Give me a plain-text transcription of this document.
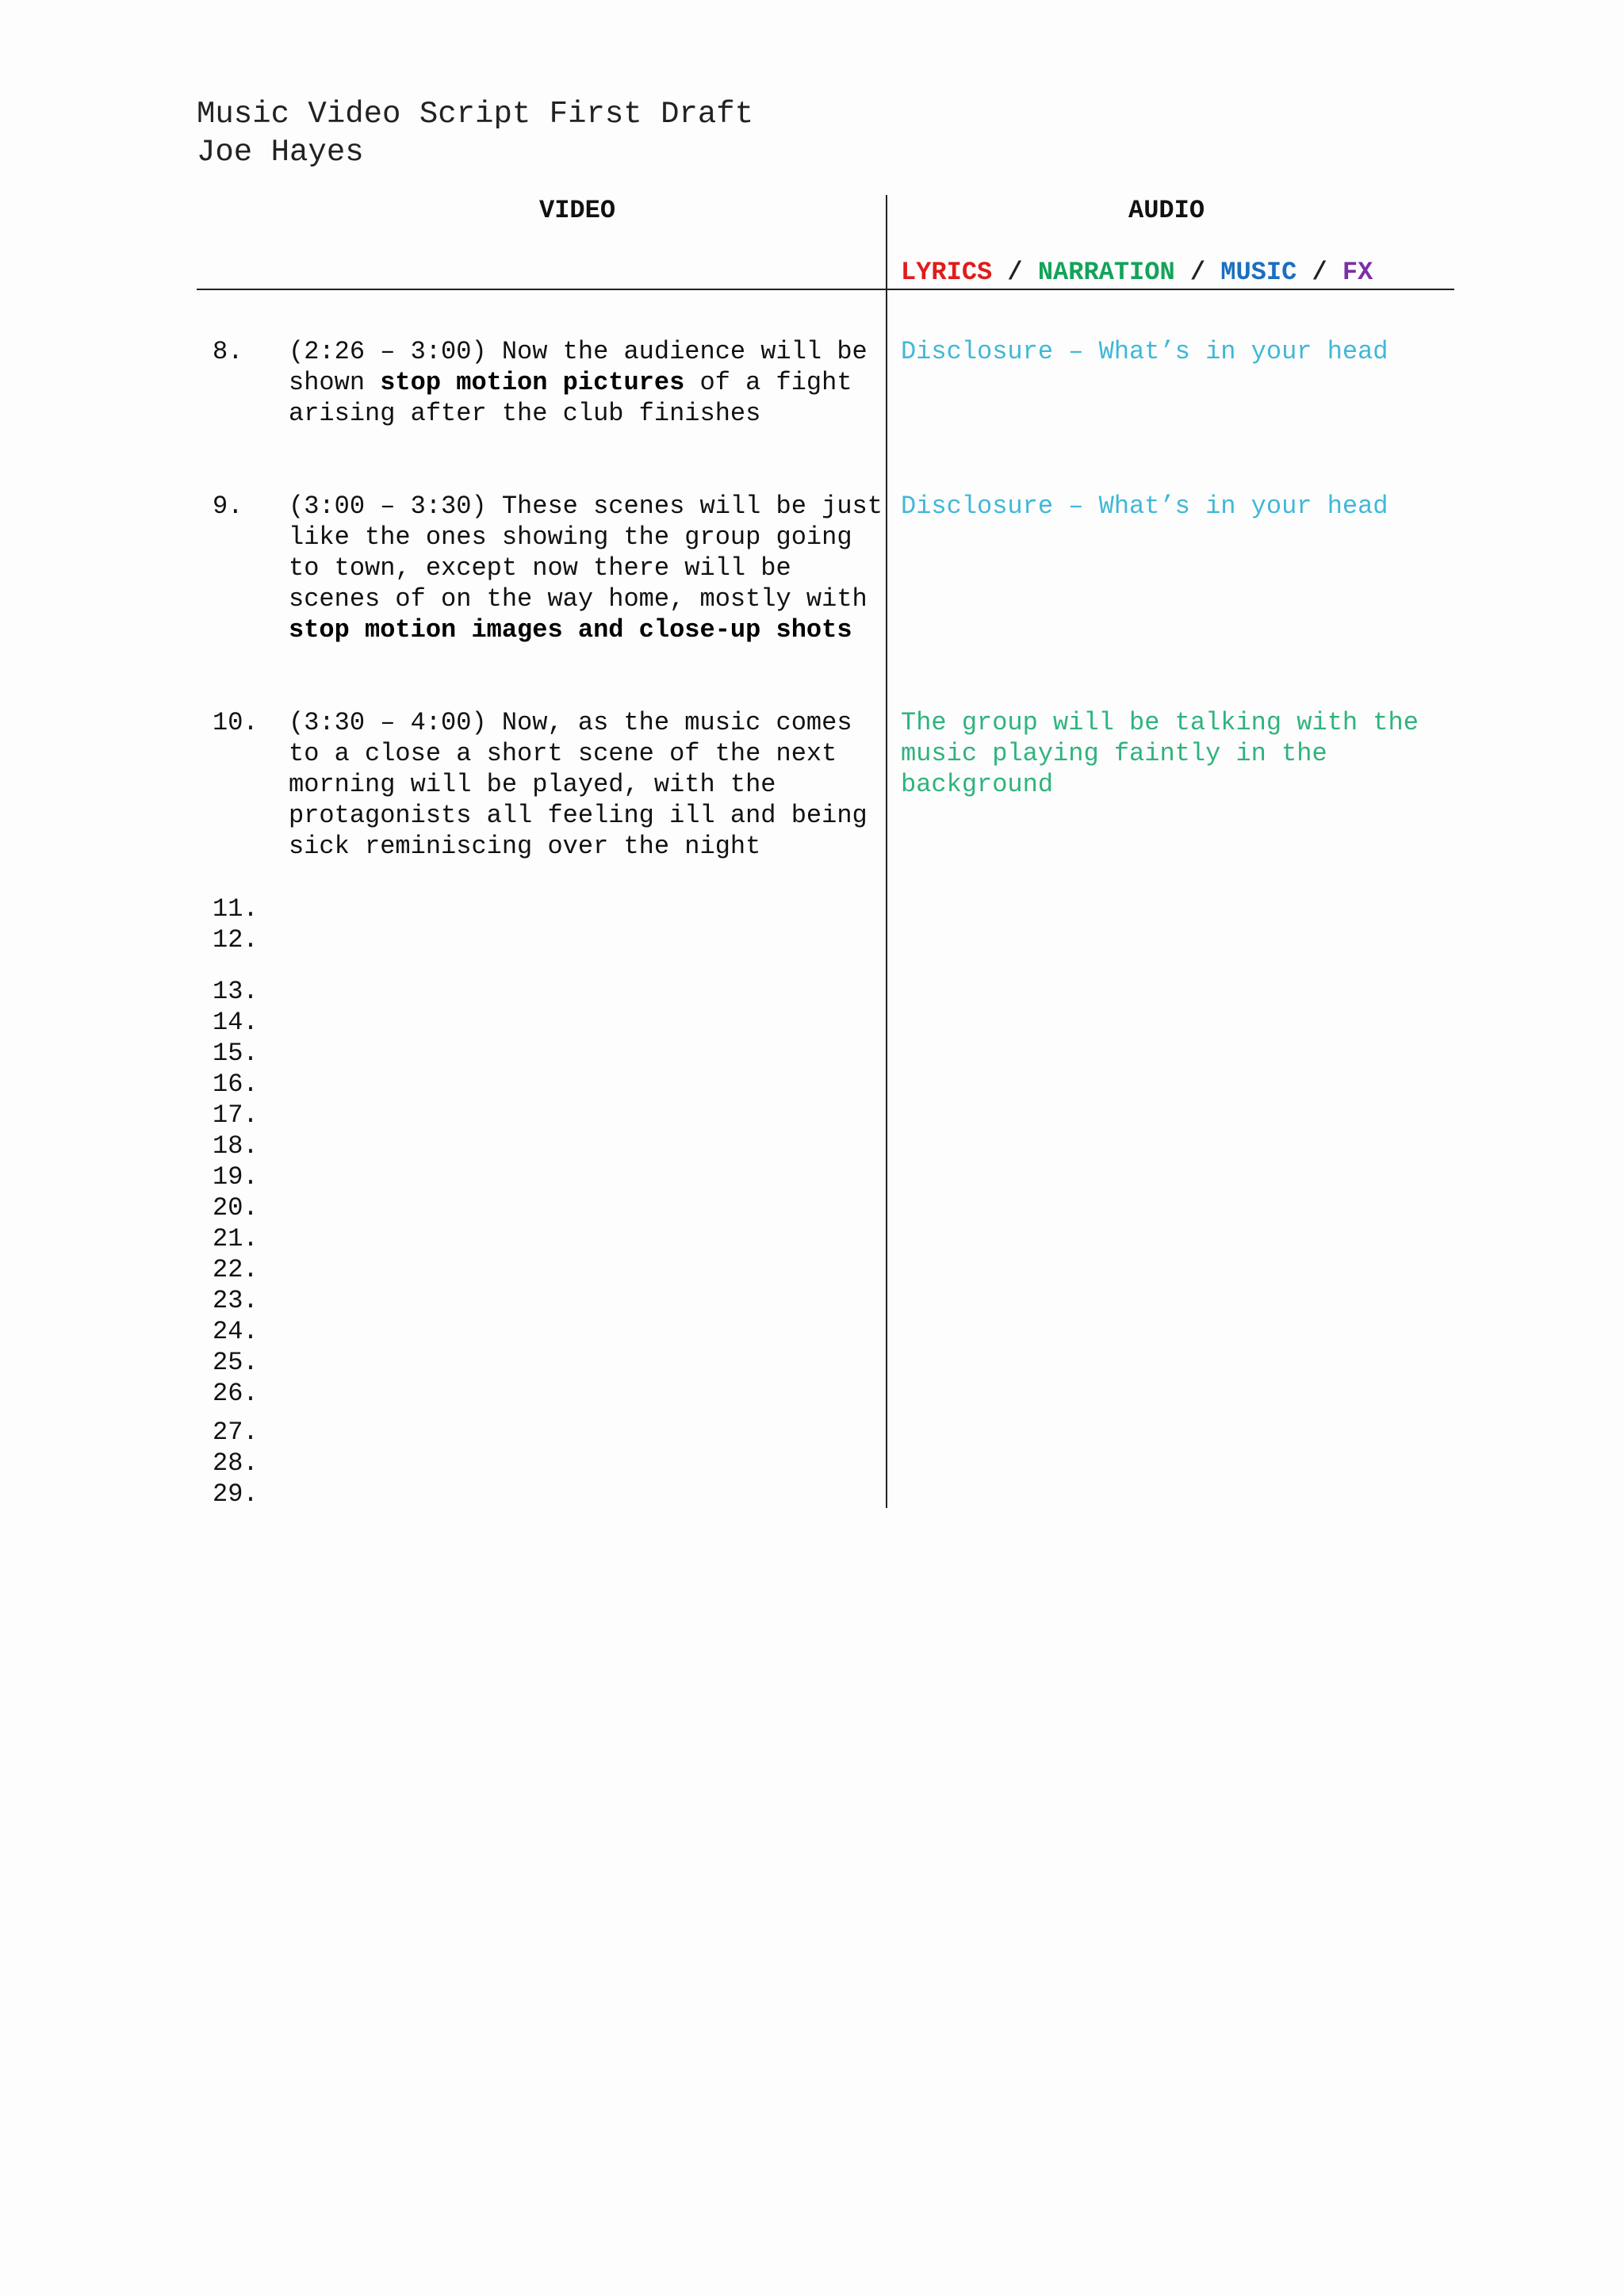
Music Video Script First Draft
Joe Hayes
VIDEO	AUDIO
LYRICS / NARRATION / MUSIC / FX
8. (2:26 – 3:00) Now the audience will be shown stop motion pictures of a fight arising after the club finishes
Disclosure – What’s in your head
9. (3:00 – 3:30) These scenes will be just like the ones showing the group going to town, except now there will be scenes of on the way home, mostly with stop motion images and close-up shots
Disclosure – What’s in your head
10. (3:30 – 4:00) Now, as the music comes to a close a short scene of the next morning will be played, with the protagonists all feeling ill and being sick reminiscing over the night
The group will be talking with the music playing faintly in the background
11.
12.
13.
14.
15.
16.
17.
18.
19.
20.
21.
22.
23.
24.
25.
26.
27.
28.
29.
